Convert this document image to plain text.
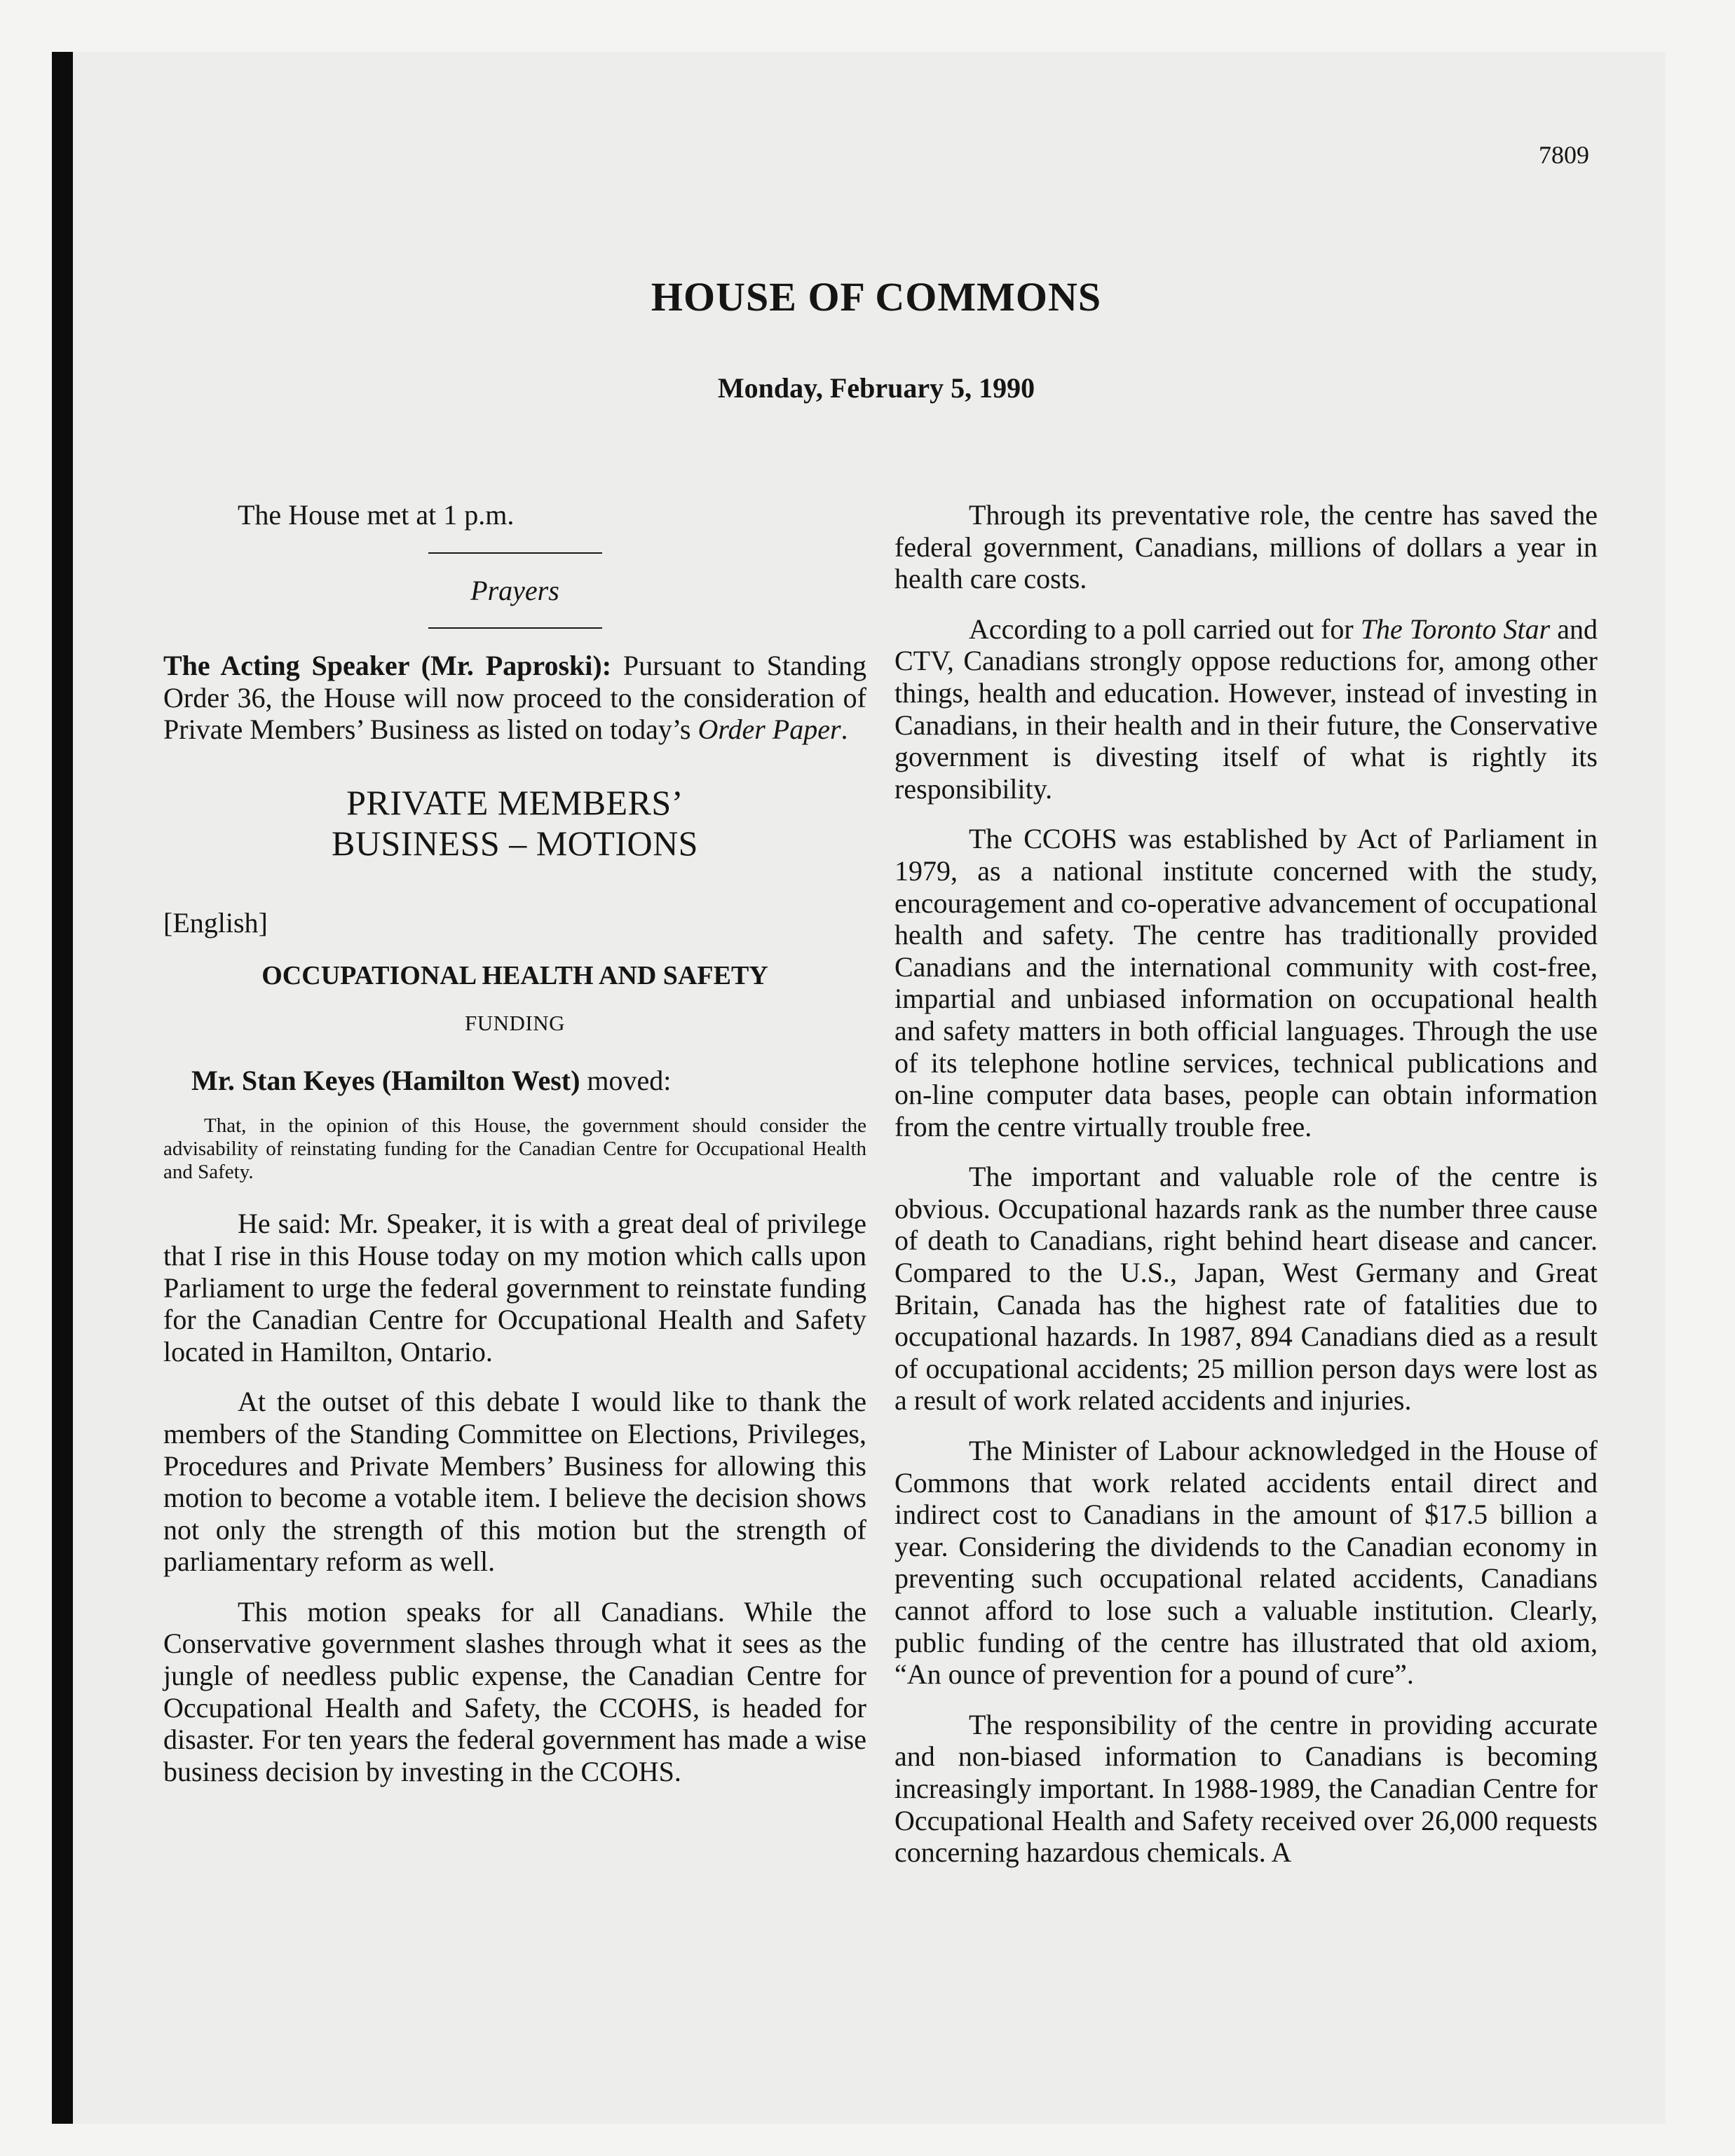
7809
HOUSE OF COMMONS
Monday, February 5, 1990

The House met at 1 p.m.

Prayers

The Acting Speaker (Mr. Paproski): Pursuant to Standing Order 36, the House will now proceed to the consideration of Private Members’ Business as listed on today’s Order Paper.

PRIVATE MEMBERS’
BUSINESS – MOTIONS
[English]
OCCUPATIONAL HEALTH AND SAFETY
FUNDING

Mr. Stan Keyes (Hamilton West) moved:

That, in the opinion of this House, the government should consider the advisability of reinstating funding for the Canadian Centre for Occupational Health and Safety.

He said: Mr. Speaker, it is with a great deal of privilege that I rise in this House today on my motion which calls upon Parliament to urge the federal government to reinstate funding for the Canadian Centre for Occupational Health and Safety located in Hamilton, Ontario.

At the outset of this debate I would like to thank the members of the Standing Committee on Elections, Privileges, Procedures and Private Members’ Business for allowing this motion to become a votable item. I believe the decision shows not only the strength of this motion but the strength of parliamentary reform as well.

This motion speaks for all Canadians. While the Conservative government slashes through what it sees as the jungle of needless public expense, the Canadian Centre for Occupational Health and Safety, the CCOHS, is headed for disaster. For ten years the federal government has made a wise business decision by investing in the CCOHS.

Through its preventative role, the centre has saved the federal government, Canadians, millions of dollars a year in health care costs.

According to a poll carried out for The Toronto Star and CTV, Canadians strongly oppose reductions for, among other things, health and education. However, instead of investing in Canadians, in their health and in their future, the Conservative government is divesting itself of what is rightly its responsibility.

The CCOHS was established by Act of Parliament in 1979, as a national institute concerned with the study, encouragement and co-operative advancement of occupational health and safety. The centre has traditionally provided Canadians and the international community with cost-free, impartial and unbiased information on occupational health and safety matters in both official languages. Through the use of its telephone hotline services, technical publications and on-line computer data bases, people can obtain information from the centre virtually trouble free.

The important and valuable role of the centre is obvious. Occupational hazards rank as the number three cause of death to Canadians, right behind heart disease and cancer. Compared to the U.S., Japan, West Germany and Great Britain, Canada has the highest rate of fatalities due to occupational hazards. In 1987, 894 Canadians died as a result of occupational accidents; 25 million person days were lost as a result of work related accidents and injuries.

The Minister of Labour acknowledged in the House of Commons that work related accidents entail direct and indirect cost to Canadians in the amount of $17.5 billion a year. Considering the dividends to the Canadian economy in preventing such occupational related accidents, Canadians cannot afford to lose such a valuable institution. Clearly, public funding of the centre has illustrated that old axiom, “An ounce of prevention for a pound of cure”.

The responsibility of the centre in providing accurate and non-biased information to Canadians is becoming increasingly important. In 1988-1989, the Canadian Centre for Occupational Health and Safety received over 26,000 requests concerning hazardous chemicals. A
